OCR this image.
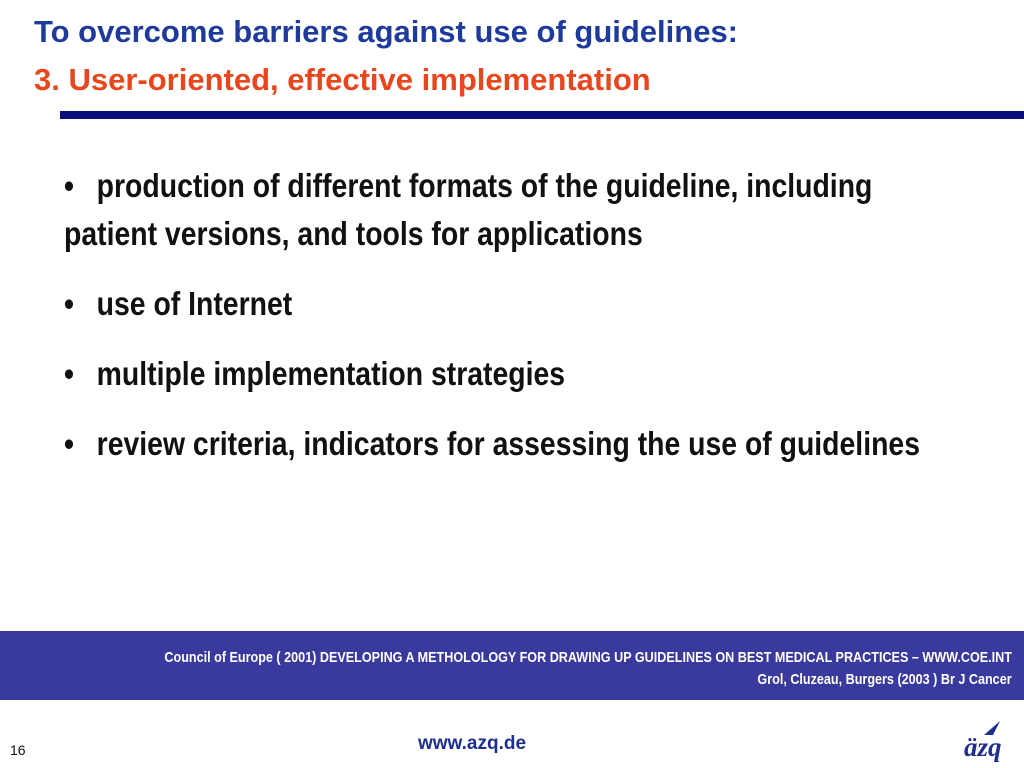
To overcome barriers against use of guidelines:
3. User-oriented, effective implementation
• production of different formats of the guideline, including patient versions, and tools for applications
• use of Internet
• multiple implementation strategies
• review criteria, indicators for assessing the use of guidelines

Council of Europe ( 2001) DEVELOPING A METHOLOLOGY FOR DRAWING UP GUIDELINES ON BEST MEDICAL PRACTICES – WWW.COE.INT

Grol, Cluzeau, Burgers (2003 ) Br J Cancer

16	www.azq.de	äzq
